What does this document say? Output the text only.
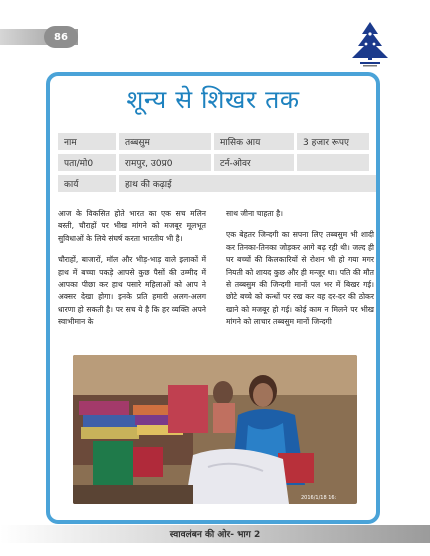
86
शून्य से शिखर तक
नाम	तब्बसुम	मासिक आय	3 हजार रूपए
पता/मो0	रामपुर, उ0प्र0	टर्न-ओवर
कार्य	हाथ की कढ़ाई

आज के विकसित होते भारत का एक सच मलिन बस्ती, चौराहों पर भीख मांगने को मजबूर मूलभूत सुविधाओं के लिये संघर्ष करता भारतीय भी है।

चौराहों, बाजारों, मॉल और भीड़-भाड़ वाले इलाकों में हाथ में बच्चा पकड़े आपसे कुछ पैसों की उम्मीद में आपका पीछा कर हाथ पसारे महिलाओं को आप ने अक्सर देखा होगा। इनके प्रति हमारी अलग-अलग धारणा हो सकती है। पर सच ये है कि हर व्यक्ति अपने स्वाभीमान के

साथ जीना चाहता है।

एक बेहतर जिन्दगी का सपना लिए तब्बसुम भी शादी कर तिनका-तिनका जोड़कर आगे बढ़ रही थी। जल्द ही घर बच्चों की किलकारियों से रोशन भी हो गया मगर नियती को शायद कुछ और ही मन्जूर था। पति की मौत से तब्बसुम की जिन्दगी मानों पल भर में बिखर गई। छोटे बच्चे को कन्धों पर रख कर वह दर-दर की ठोकर खाने को मजबूर हो गई। कोई काम न मिलने पर भीख मांगने को लाचार तब्बसुम मानों जिन्दगी

2016/1/18 16:
स्वावलंबन की ओर- भाग 2
